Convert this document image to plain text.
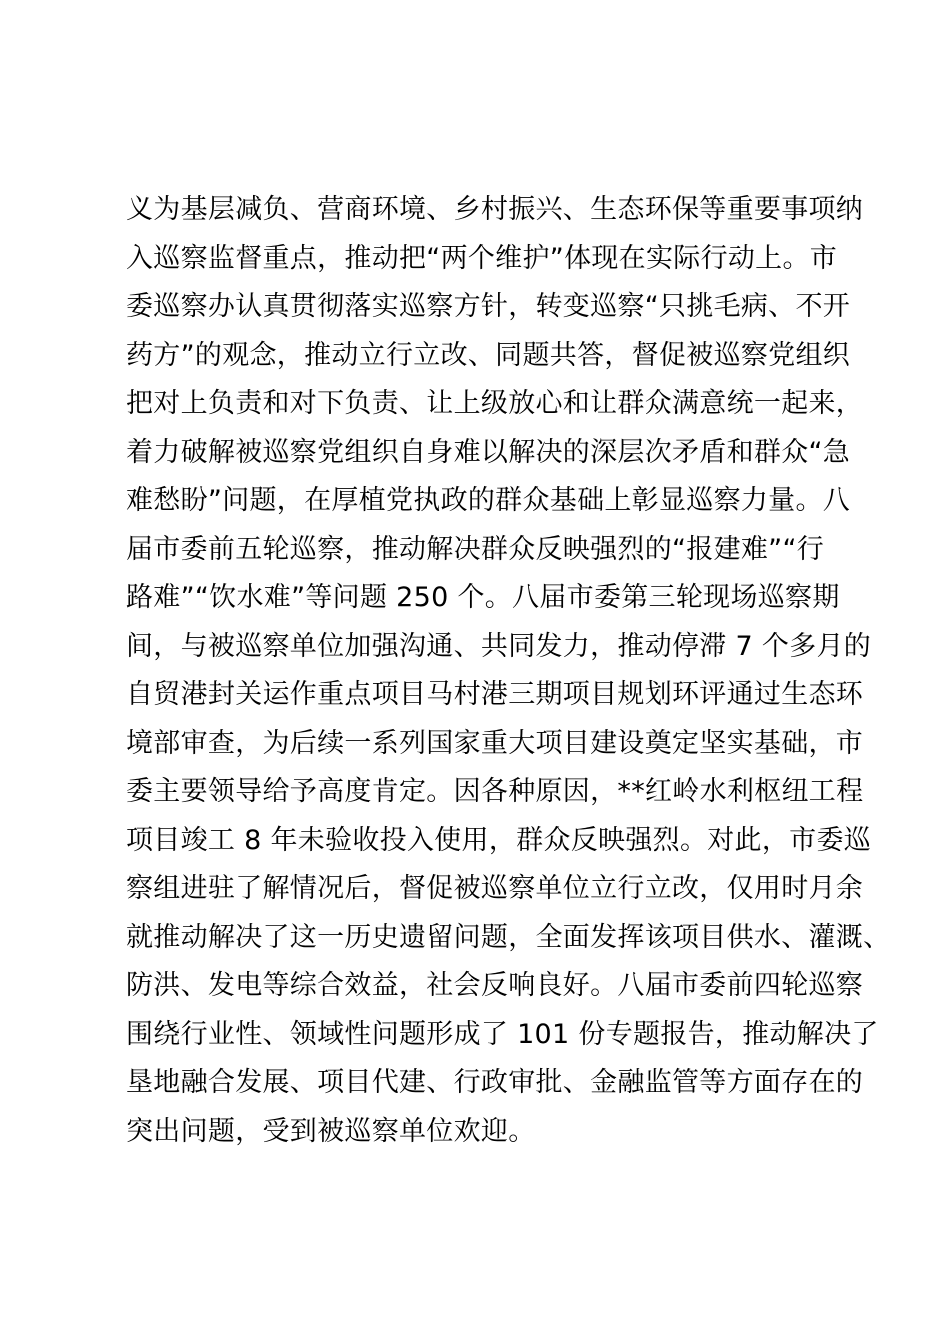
义为基层减负、营商环境、乡村振兴、生态环保等重要事项纳
入巡察监督重点，推动把“两个维护”体现在实际行动上。市
委巡察办认真贯彻落实巡察方针，转变巡察“只挑毛病、不开
药方”的观念，推动立行立改、同题共答，督促被巡察党组织
把对上负责和对下负责、让上级放心和让群众满意统一起来，
着力破解被巡察党组织自身难以解决的深层次矛盾和群众“急
难愁盼”问题，在厚植党执政的群众基础上彰显巡察力量。八
届市委前五轮巡察，推动解决群众反映强烈的“报建难”“行
路难”“饮水难”等问题 250 个。八届市委第三轮现场巡察期
间，与被巡察单位加强沟通、共同发力，推动停滞 7 个多月的
自贸港封关运作重点项目马村港三期项目规划环评通过生态环
境部审查，为后续一系列国家重大项目建设奠定坚实基础，市
委主要领导给予高度肯定。因各种原因，**红岭水利枢纽工程
项目竣工 8 年未验收投入使用，群众反映强烈。对此，市委巡
察组进驻了解情况后，督促被巡察单位立行立改，仅用时月余
就推动解决了这一历史遗留问题，全面发挥该项目供水、灌溉、
防洪、发电等综合效益，社会反响良好。八届市委前四轮巡察
围绕行业性、领域性问题形成了 101 份专题报告，推动解决了
垦地融合发展、项目代建、行政审批、金融监管等方面存在的
突出问题，受到被巡察单位欢迎。
